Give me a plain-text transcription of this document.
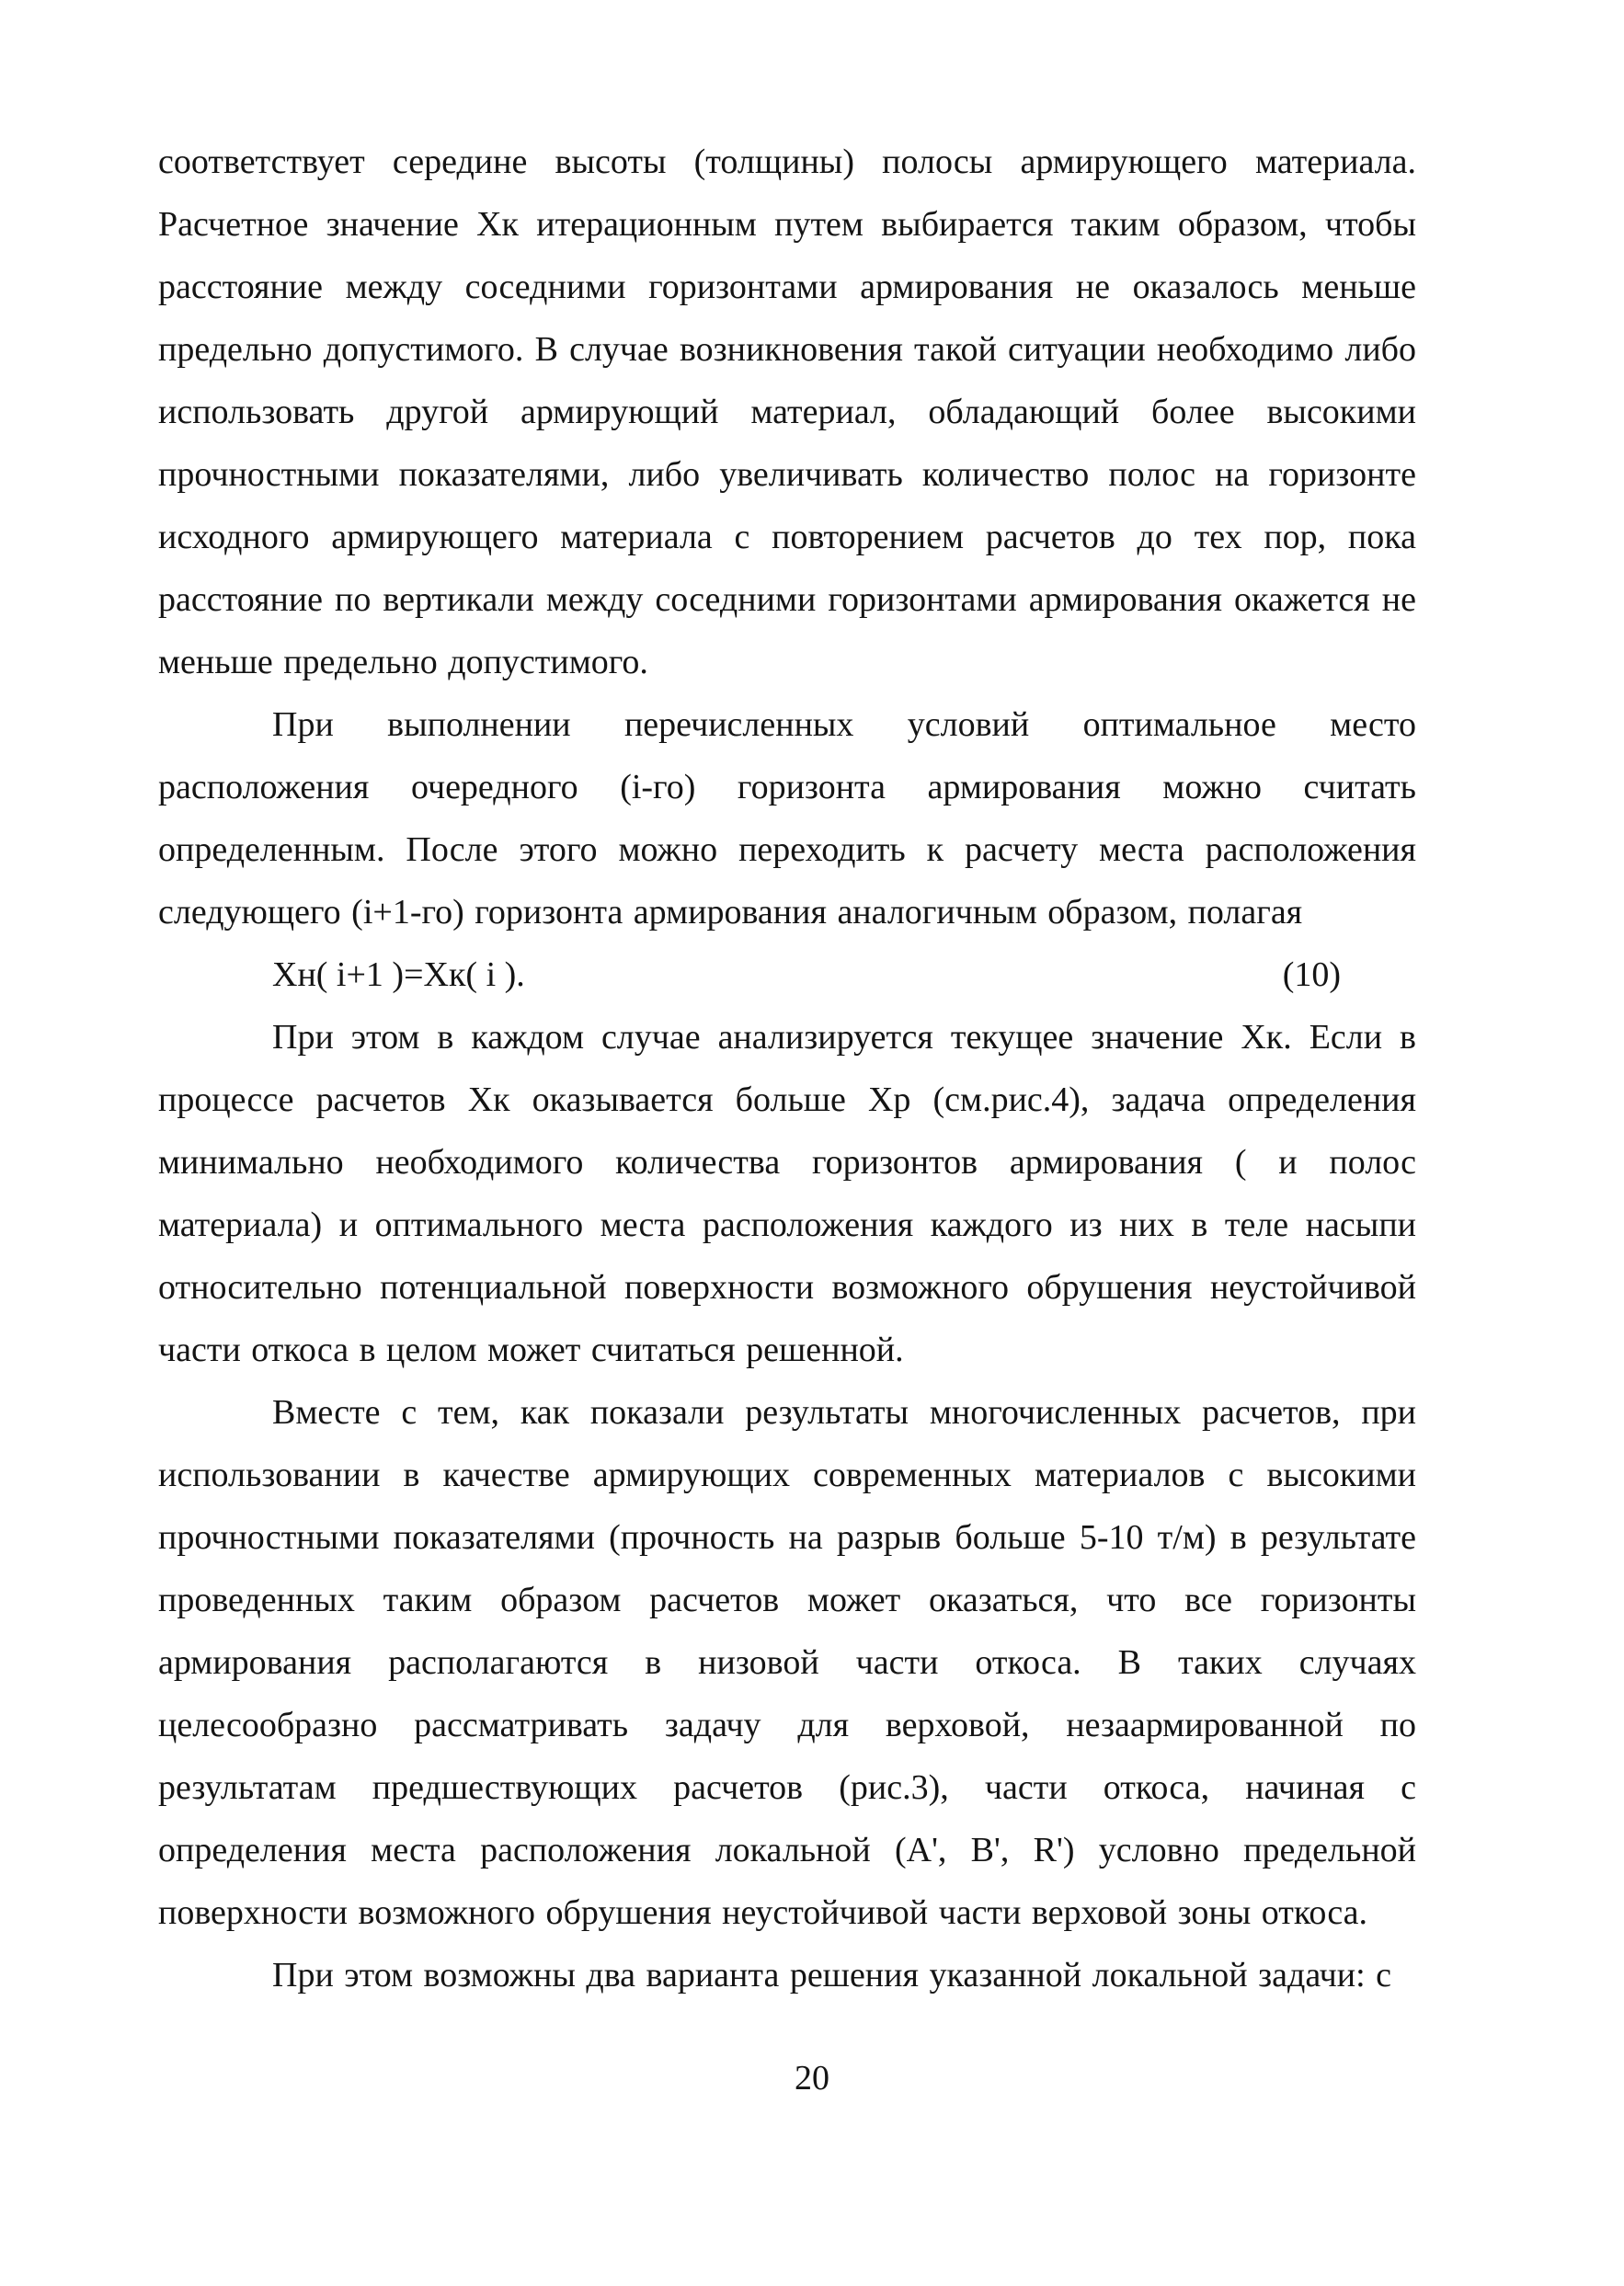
соответствует середине высоты (толщины) полосы армирующего материала. Расчетное значение Хк итерационным путем выбирается таким образом, чтобы расстояние между соседними горизонтами армирования не оказалось меньше предельно допустимого. В случае возникновения такой ситуации необходимо либо использовать другой армирующий материал, обладающий более высокими прочностными показателями, либо увеличивать количество полос на горизонте исходного армирующего материала с повторением расчетов до тех пор, пока расстояние по вертикали между соседними горизонтами армирования окажется не меньше предельно допустимого.

При выполнении перечисленных условий оптимальное место расположения очередного (i-го) горизонта армирования можно считать определенным. После этого можно переходить к расчету места расположения следующего (i+1-го) горизонта армирования аналогичным образом, полагая

Хн( i+1 )=Хк( i ).	(10)

При этом в каждом случае анализируется текущее значение Хк. Если в процессе расчетов Хк оказывается больше Хр (см.рис.4), задача определения минимально необходимого количества горизонтов армирования ( и полос материала) и оптимального места расположения каждого из них в теле насыпи относительно потенциальной поверхности возможного обрушения неустойчивой части откоса в целом может считаться решенной.

Вместе с тем, как показали результаты многочисленных расчетов, при использовании в качестве армирующих современных материалов с высокими прочностными показателями (прочность на разрыв больше 5-10 т/м) в результате проведенных таким образом расчетов может оказаться, что все горизонты армирования располагаются в низовой части откоса. В таких случаях целесообразно рассматривать задачу для верховой, незаармированной по результатам предшествующих расчетов (рис.3), части откоса, начиная с определения места расположения локальной (А', В', R') условно предельной поверхности возможного обрушения неустойчивой части верховой зоны откоса.

При этом возможны два варианта решения указанной локальной задачи: с

20
